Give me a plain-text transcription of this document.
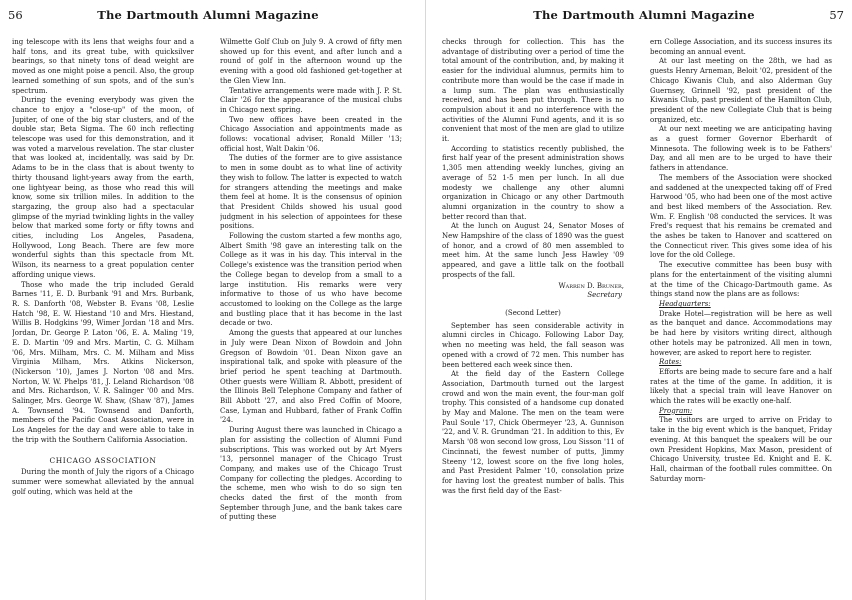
56	The Dartmouth Alumni Magazine

ing telescope with its lens that weighs four and a half tons, and its great tube, with quicksilver bearings, so that ninety tons of dead weight are moved as one might poise a pencil. Also, the group learned something of sun spots, and of the sun's spectrum.

During the evening everybody was given the chance to enjoy a "close-up" of the moon, of Jupiter, of one of the big star clusters, and of the double star, Beta Sigma. The 60 inch reflecting telescope was used for this demonstration, and it was voted a marvelous revelation. The star cluster that was looked at, incidentally, was said by Dr. Adams to be in the class that is about twenty to thirty thousand light-years away from the earth, one lightyear being, as those who read this will know, some six trillion miles. In addition to the stargazing, the group also had a spectacular glimpse of the myriad twinkling lights in the valley below that marked some forty or fifty towns and cities, including Los Angeles, Pasadena, Hollywood, Long Beach. There are few more wonderful sights than this spectacle from Mt. Wilson, its nearness to a great population center affording unique views.

Those who made the trip included Gerald Barnes '11, E. D. Burbank '91 and Mrs. Burbank, R. S. Danforth '08, Webster B. Evans '08, Leslie Hatch '98, E. W. Hiestand '10 and Mrs. Hiestand, Willis B. Hodgkins '99, Wimer Jordan '18 and Mrs. Jordan, Dr. George P. Laton '06, E. A. Maling '19, E. D. Martin '09 and Mrs. Martin, C. G. Milham '06, Mrs. Milham, Mrs. C. M. Milham and Miss Virginia Milham, Mrs. Atkins Nickerson, (Nickerson '10), James J. Norton '08 and Mrs. Norton, W. W. Phelps '81, J. Leland Richardson '08 and Mrs. Richardson, V. R. Salinger '00 and Mrs. Salinger, Mrs. George W. Shaw, (Shaw '87), James A. Townsend '94. Townsend and Danforth, members of the Pacific Coast Association, were in Los Angeles for the day and were able to take in the trip with the Southern California Association.

CHICAGO ASSOCIATION

During the month of July the rigors of a Chicago summer were somewhat alleviated by the annual golf outing, which was held at the

Wilmette Golf Club on July 9. A crowd of fifty men showed up for this event, and after lunch and a round of golf in the afternoon wound up the evening with a good old fashioned get-together at the Glen View Inn.

Tentative arrangements were made with J. P. St. Clair '26 for the appearance of the musical clubs in Chicago next spring.

Two new offices have been created in the Chicago Association and appointments made as follows: vocational adviser, Ronald Miller '13; official host, Walt Dakin '06.

The duties of the former are to give assistance to men in some doubt as to what line of activity they wish to follow. The latter is expected to watch for strangers attending the meetings and make them feel at home. It is the consensus of opinion that President Childs showed his usual good judgment in his selection of appointees for these positions.

Following the custom started a few months ago, Albert Smith '98 gave an interesting talk on the College as it was in his day. This interval in the College's existence was the transition period when the College began to develop from a small to a large institution. His remarks were very informative to those of us who have become accustomed to looking on the College as the large and bustling place that it has become in the last decade or two.

Among the guests that appeared at our lunches in July were Dean Nixon of Bowdoin and John Gregson of Bowdoin '01. Dean Nixon gave an inspirational talk, and spoke with pleasure of the brief period he spent teaching at Dartmouth. Other guests were William R. Abbott, president of the Illinois Bell Telephone Company and father of Bill Abbott '27, and also Fred Coffin of Moore, Case, Lyman and Hubbard, father of Frank Coffin '24.

During August there was launched in Chicago a plan for assisting the collection of Alumni Fund subscriptions. This was worked out by Art Myers '13, personnel manager of the Chicago Trust Company, and makes use of the Chicago Trust Company for collecting the pledges. According to the scheme, men who wish to do so sign ten checks dated the first of the month from September through June, and the bank takes care of putting these

The Dartmouth Alumni Magazine	57

checks through for collection. This has the advantage of distributing over a period of time the total amount of the contribution, and, by making it easier for the individual alumnus, permits him to contribute more than would be the case if made in a lump sum. The plan was enthusiastically received, and has been put through. There is no compulsion about it and no interference with the activities of the Alumni Fund agents, and it is so convenient that most of the men are glad to utilize it.

According to statistics recently published, the first half year of the present administration shows 1,305 men attending weekly lunches, giving an average of 52 1-5 men per lunch. In all due modesty we challenge any other alumni organization in Chicago or any other Dartmouth alumni organization in the country to show a better record than that.

At the lunch on August 24, Senator Moses of New Hampshire of the class of 1890 was the guest of honor, and a crowd of 80 men assembled to meet him. At the same lunch Jess Hawley '09 appeared, and gave a little talk on the football prospects of the fall.

Warren D. Bruner,
Secretary
(Second Letter)

September has seen considerable activity in alumni circles in Chicago. Following Labor Day, when no meeting was held, the fall season was opened with a crowd of 72 men. This number has been bettered each week since then.

At the field day of the Eastern College Association, Dartmouth turned out the largest crowd and won the main event, the four-man golf trophy. This consisted of a handsome cup donated by May and Malone. The men on the team were Paul Soule '17, Chick Obermeyer '23, A. Gunnison '22, and V. R. Grundman '21. In addition to this, Ev Marsh '08 won second low gross, Lou Sisson '11 of Cincinnati, the fewest number of putts, Jimmy Steeny '12, lowest score on the five long holes, and Past President Palmer '10, consolation prize for having lost the greatest number of balls. This was the first field day of the East-

ern College Association, and its success insures its becoming an annual event.

At our last meeting on the 28th, we had as guests Henry Arneman, Beloit '02, president of the Chicago Kiwanis Club, and also Alderman Guy Guernsey, Grinnell '92, past president of the Kiwanis Club, past president of the Hamilton Club, president of the new Collegiate Club that is being organized, etc.

At our next meeting we are anticipating having as a guest former Governor Eberhardt of Minnesota. The following week is to be Fathers' Day, and all men are to be urged to have their fathers in attendance.

The members of the Association were shocked and saddened at the unexpected taking off of Fred Harwood '05, who had been one of the most active and best liked members of the Association. Rev. Wm. F. English '08 conducted the services. It was Fred's request that his remains be cremated and the ashes be taken to Hanover and scattered on the Connecticut river. This gives some idea of his love for the old College.

The executive committee has been busy with plans for the entertainment of the visiting alumni at the time of the Chicago-Dartmouth game. As things stand now the plans are as follows:

Headquarters:

Drake Hotel—registration will be here as well as the banquet and dance. Accommodations may be had here by visitors writing direct, although other hotels may be patronized. All men in town, however, are asked to report here to register.

Rates:

Efforts are being made to secure fare and a half rates at the time of the game. In addition, it is likely that a special train will leave Hanover on which the rates will be exactly one-half.

Program:

The visitors are urged to arrive on Friday to take in the big event which is the banquet, Friday evening. At this banquet the speakers will be our own President Hopkins, Max Mason, president of Chicago University, trustee Ed. Knight and E. K. Hall, chairman of the football rules committee. On Saturday morn-
